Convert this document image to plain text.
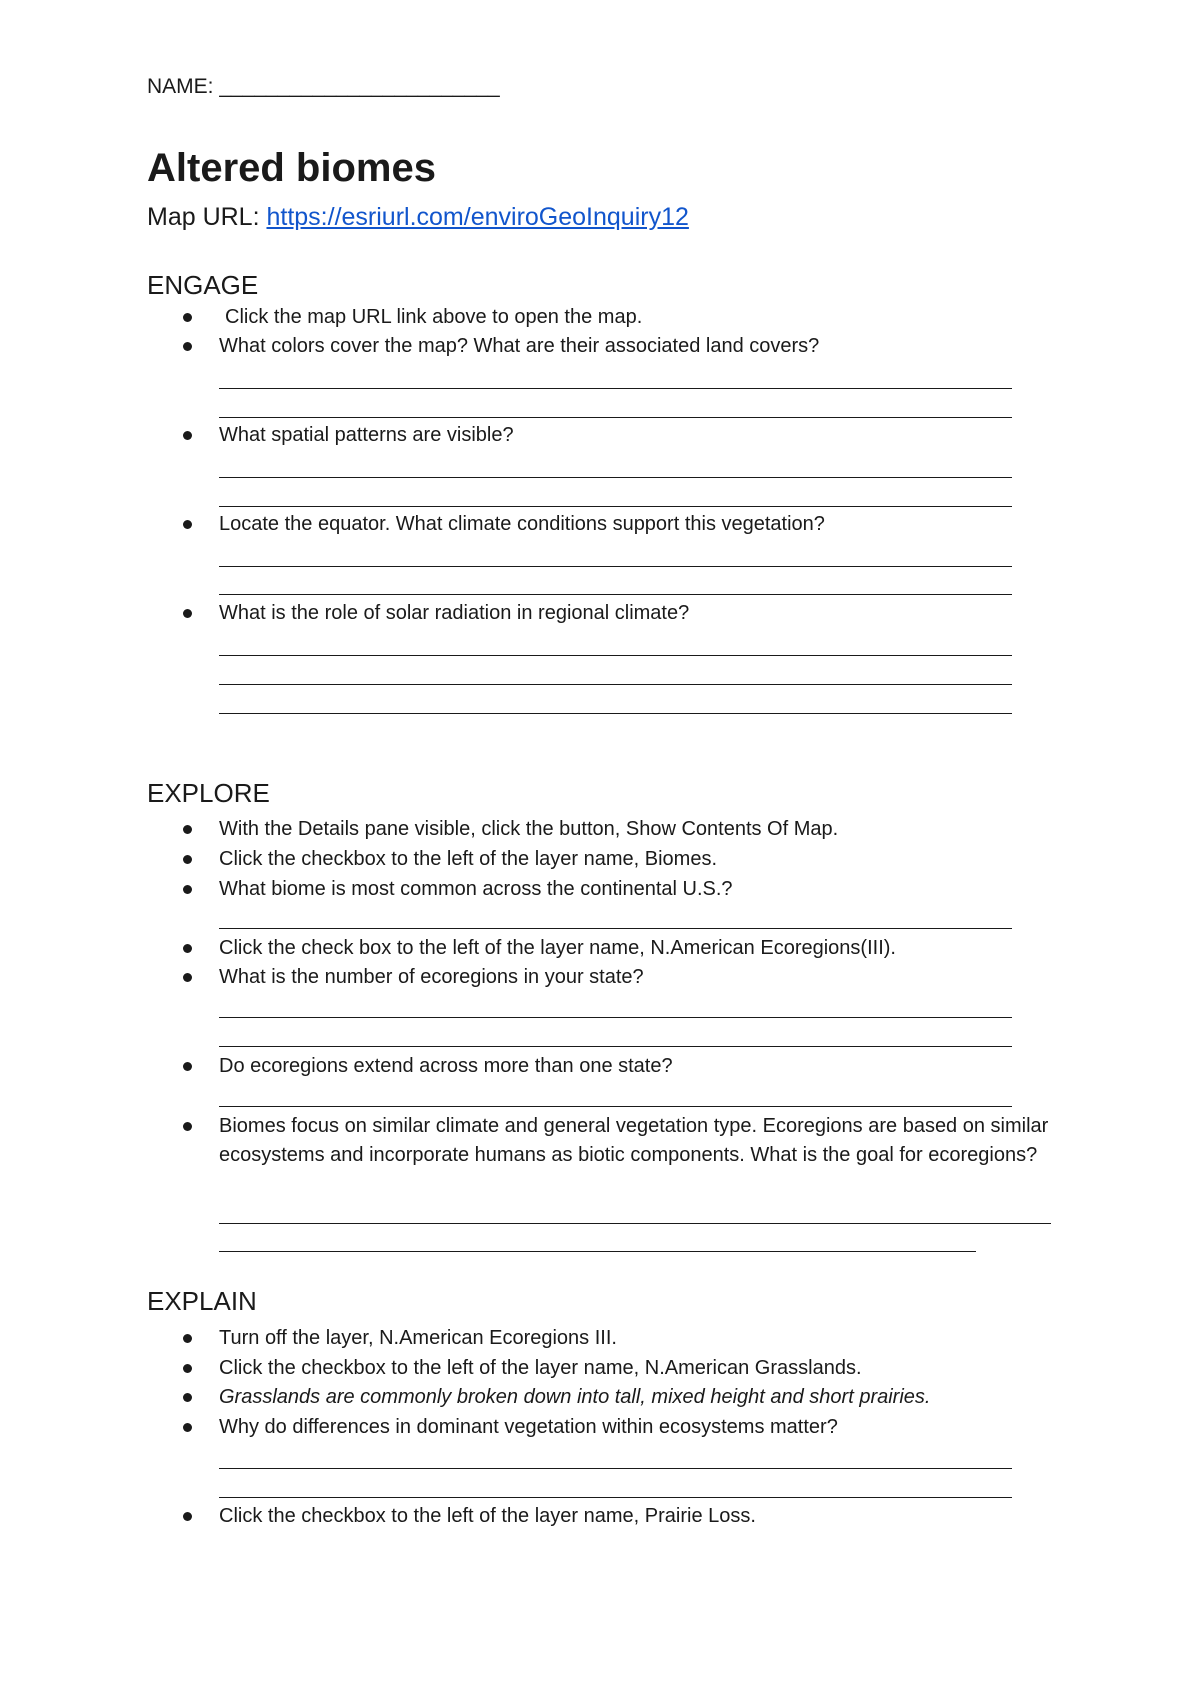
NAME: ________________________
Altered biomes
Map URL: https://esriurl.com/enviroGeoInquiry12
ENGAGE
Click the map URL link above to open the map.
What colors cover the map? What are their associated land covers?
What spatial patterns are visible?
Locate the equator. What climate conditions support this vegetation?
What is the role of solar radiation in regional climate?
EXPLORE
With the Details pane visible, click the button, Show Contents Of Map.
Click the checkbox to the left of the layer name, Biomes.
What biome is most common across the continental U.S.?
Click the check box to the left of the layer name, N.American Ecoregions(III).
What is the number of ecoregions in your state?
Do ecoregions extend across more than one state?
Biomes focus on similar climate and general vegetation type. Ecoregions are based on similar ecosystems and incorporate humans as biotic components. What is the goal for ecoregions?
EXPLAIN
Turn off the layer, N.American Ecoregions III.
Click the checkbox to the left of the layer name, N.American Grasslands.
Grasslands are commonly broken down into tall, mixed height and short prairies.
Why do differences in dominant vegetation within ecosystems matter?
Click the checkbox to the left of the layer name, Prairie Loss.
